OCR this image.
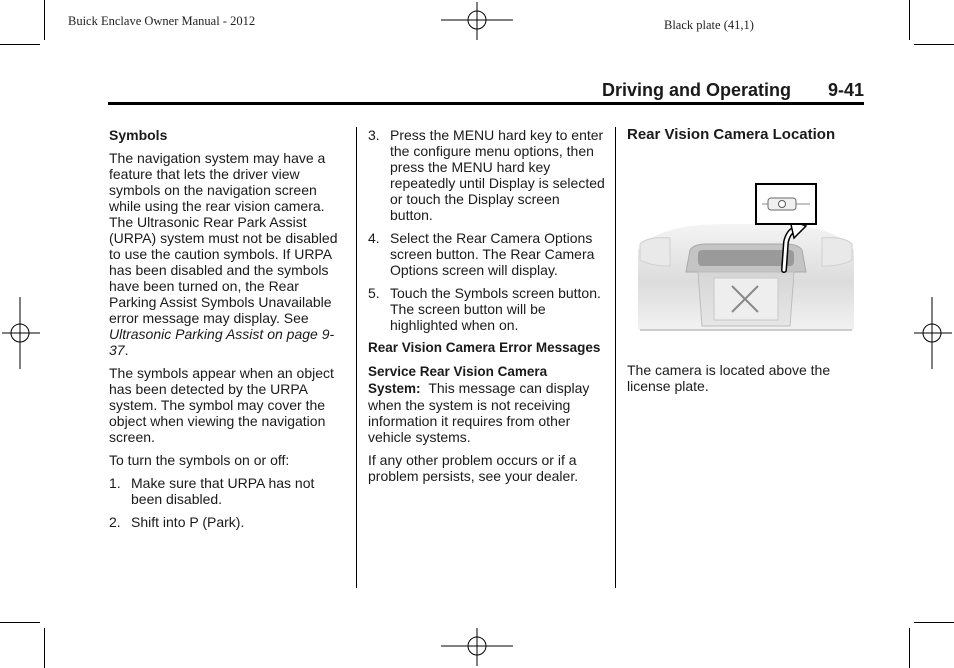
Buick Enclave Owner Manual - 2012	Black plate (41,1)
Driving and Operating 9-41

Symbols

The navigation system may have a feature that lets the driver view symbols on the navigation screen while using the rear vision camera. The Ultrasonic Rear Park Assist (URPA) system must not be disabled to use the caution symbols. If URPA has been disabled and the symbols have been turned on, the Rear Parking Assist Symbols Unavailable error message may display. See Ultrasonic Parking Assist on page 9-37.

The symbols appear when an object has been detected by the URPA system. The symbol may cover the object when viewing the navigation screen.

To turn the symbols on or off:

1. Make sure that URPA has not been disabled.
2. Shift into P (Park).
3. Press the MENU hard key to enter the configure menu options, then press the MENU hard key repeatedly until Display is selected or touch the Display screen button.
4. Select the Rear Camera Options screen button. The Rear Camera Options screen will display.
5. Touch the Symbols screen button. The screen button will be highlighted when on.

Rear Vision Camera Error Messages

Service Rear Vision Camera System: This message can display when the system is not receiving information it requires from other vehicle systems.

If any other problem occurs or if a problem persists, see your dealer.

Rear Vision Camera Location

The camera is located above the license plate.
